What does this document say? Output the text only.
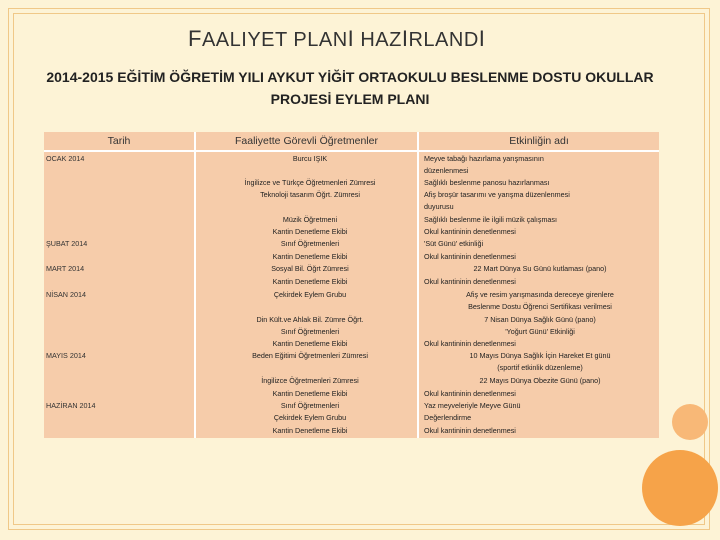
FAALIYET PLANI HAZIRLANDI
2014-2015 EĞİTİM ÖĞRETİM YILI AYKUT YİĞİT ORTAOKULU BESLENME DOSTU OKULLAR
PROJESİ EYLEM PLANI
Tarih	Faaliyette Görevli Öğretmenler	Etkinliğin adı
OCAK 2014
ŞUBAT 2014
MART 2014
NİSAN 2014
MAYIS 2014
HAZİRAN 2014
Burcu IŞIK
İngilizce ve Türkçe Öğretmenleri Zümresi
Teknoloji tasarım Öğrt. Zümresi
Müzik Öğretmeni
Kantin Denetleme Ekibi
Sınıf Öğretmenleri
Kantin Denetleme Ekibi
Sosyal Bil. Öğrt Zümresi
Kantin Denetleme Ekibi
Çekirdek Eylem Grubu
Din Kült.ve Ahlak Bil. Zümre Öğrt.
Sınıf Öğretmenleri
Kantin Denetleme Ekibi
Beden Eğitimi Öğretmenleri Zümresi
İngilizce Öğretmenleri Zümresi
Kantin Denetleme Ekibi
Sınıf Öğretmenleri
Çekirdek Eylem Grubu
Kantin Denetleme Ekibi
Meyve tabağı hazırlama yarışmasının
düzenlenmesi
Sağlıklı beslenme panosu hazırlanması
Afiş broşür tasarımı ve yarışma düzenlenmesi
duyurusu
Sağlıklı beslenme ile ilgili müzik çalışması
Okul kantininin denetlenmesi
'Süt Günü' etkinliği
Okul kantininin denetlenmesi
22 Mart Dünya Su Günü kutlaması (pano)
Okul kantininin denetlenmesi
Afiş ve resim yarışmasında dereceye girenlere
Beslenme Dostu Öğrenci Sertifikası verilmesi
7 Nisan Dünya Sağlık Günü (pano)
'Yoğurt Günü' Etkinliği
Okul kantininin denetlenmesi
10 Mayıs Dünya Sağlık İçin Hareket Et günü
(sportif etkinlik düzenleme)
22 Mayıs Dünya Obezite Günü (pano)
Okul kantininin denetlenmesi
Yaz meyveleriyle Meyve Günü
Değerlendirme
Okul kantininin denetlenmesi
